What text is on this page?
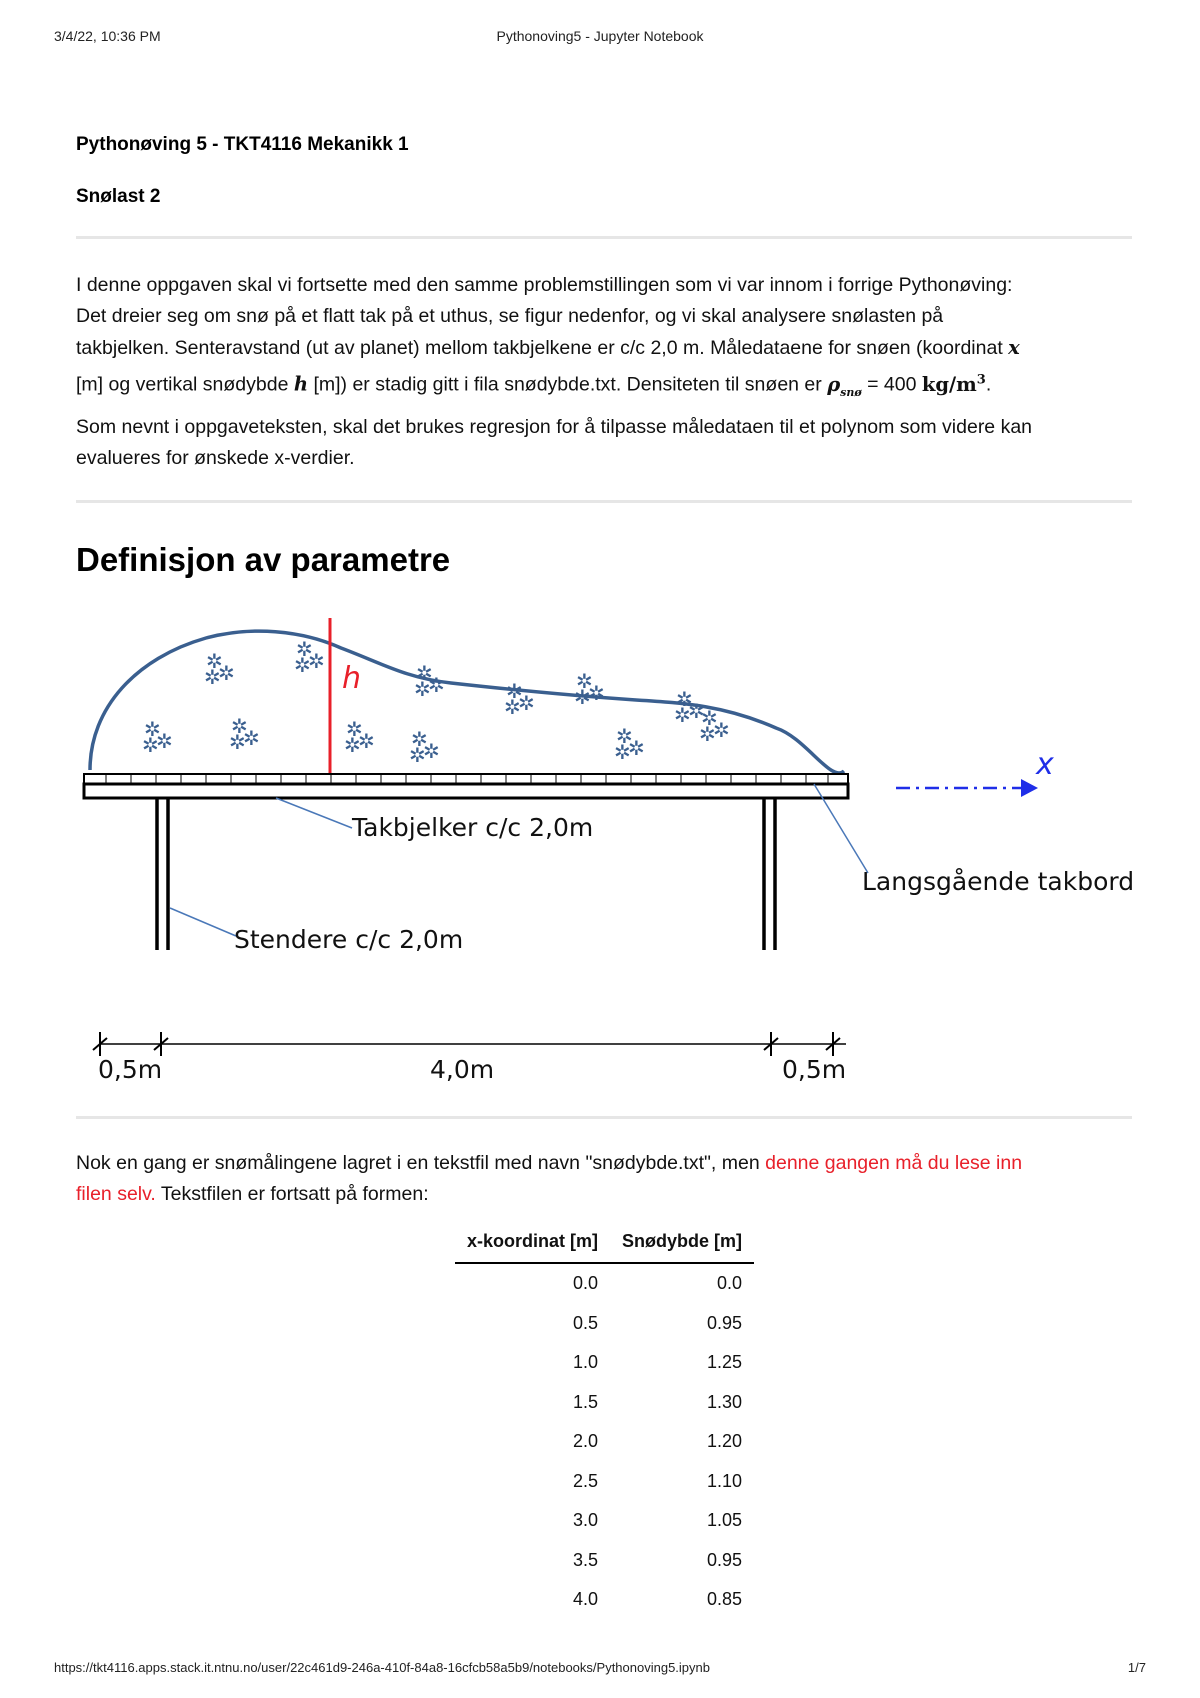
3/4/22, 10:36 PM	Pythonoving5 - Jupyter Notebook
Pythonøving 5 - TKT4116 Mekanikk 1
Snølast 2
I denne oppgaven skal vi fortsette med den samme problemstillingen som vi var innom i forrige Pythonøving:
Det dreier seg om snø på et flatt tak på et uthus, se figur nedenfor, og vi skal analysere snølasten på
takbjelken. Senteravstand (ut av planet) mellom takbjelkene er c/c 2,0 m. Måledataene for snøen (koordinat x
[m] og vertikal snødybde h [m]) er stadig gitt i fila snødybde.txt. Densiteten til snøen er $\rho_{snø} = 400$ $kg/m^3$.
Som nevnt i oppgaveteksten, skal det brukes regresjon for å tilpasse måledataen til et polynom som videre kan
evalueres for ønskede x-verdier.
Definisjon av parametre
h
✲
✲
✲
✲
✲
✲	✲
✲
✲	✲
✲
✲
✲
✲
✲	✲
✲
✲
✲
✲
✲
✲
✲
✲
✲
✲
✲	✲
✲
✲
✲
✲
✲
✲
✲
✲
Takbjelker c/c 2,0m
Langsgående takbord
Stendere c/c 2,0m
x
0,5m	4,0m	0,5m
Nok en gang er snømålingene lagret i en tekstfil med navn "snødybde.txt", men denne gangen må du lese inn
filen selv. Tekstfilen er fortsatt på formen:
x-koordinat [m]	Snødybde [m]
0.0	0.0
0.5	0.95
1.0	1.25
1.5	1.30
2.0	1.20
2.5	1.10
3.0	1.05
3.5	0.95
4.0	0.85
https://tkt4116.apps.stack.it.ntnu.no/user/22c461d9-246a-410f-84a8-16cfcb58a5b9/notebooks/Pythonoving5.ipynb	1/7
